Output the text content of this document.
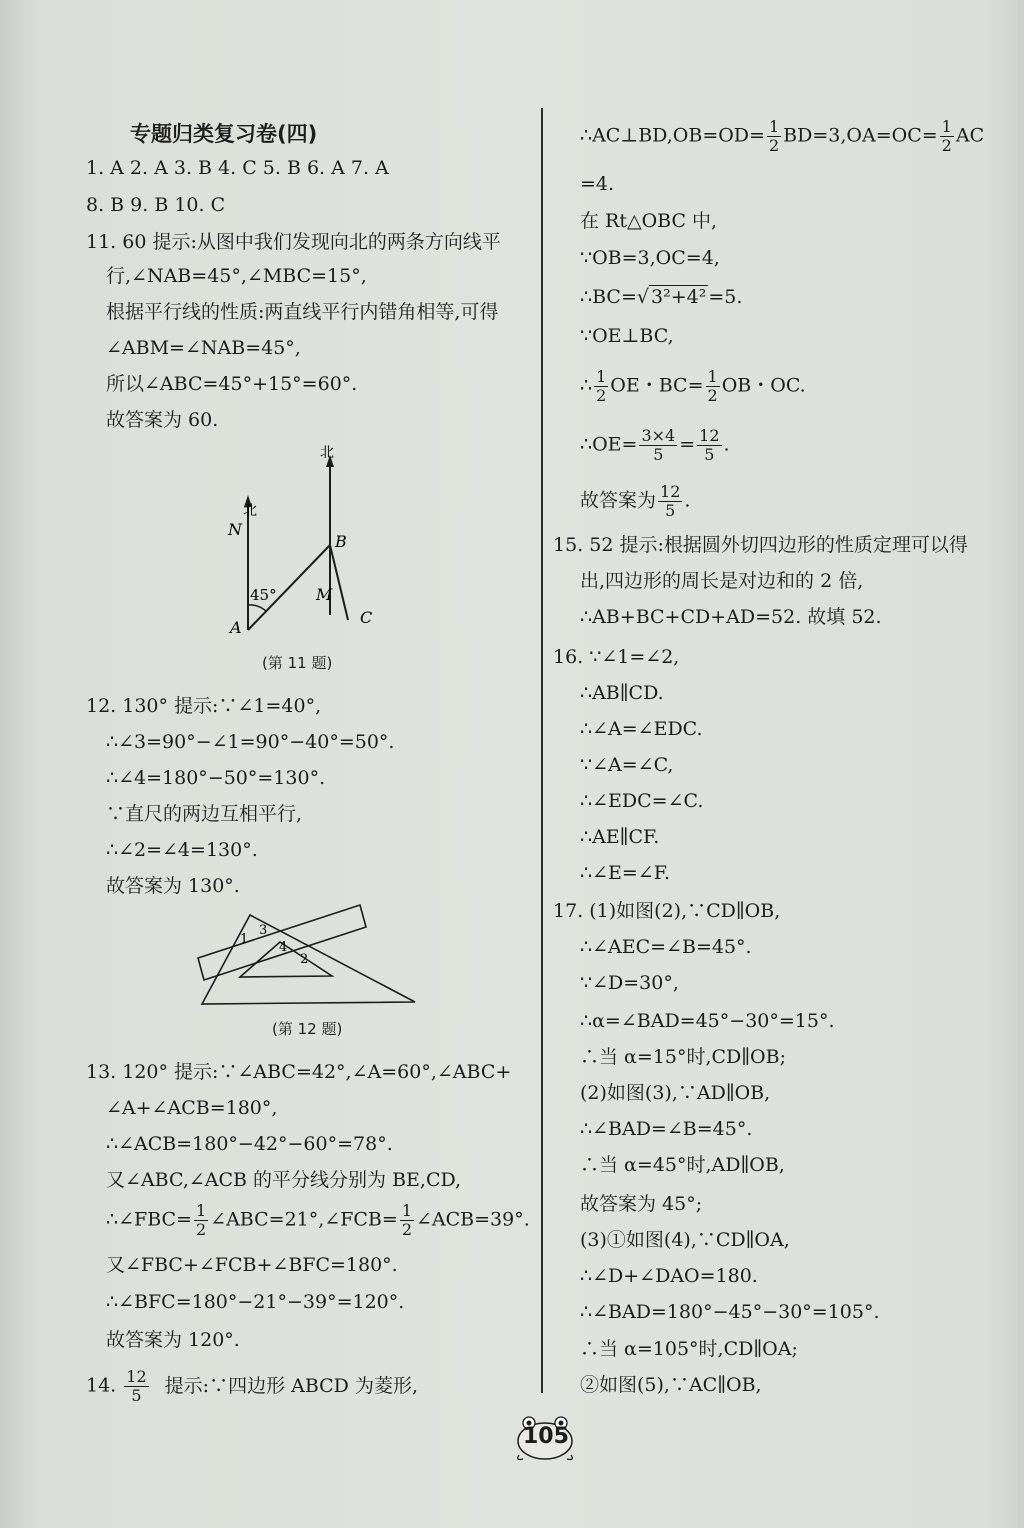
专题归类复习卷(四)
1. A 2. A 3. B 4. C 5. B 6. A 7. A
8. B 9. B 10. C
11. 60 提示:从图中我们发现向北的两条方向线平
行,∠NAB=45°,∠MBC=15°,
根据平行线的性质:两直线平行内错角相等,可得
∠ABM=∠NAB=45°,
所以∠ABC=45°+15°=60°.
故答案为 60.
北
北
N
B
A
M
C
45°
(第 11 题)
12. 130° 提示:∵∠1=40°,
∴∠3=90°−∠1=90°−40°=50°.
∴∠4=180°−50°=130°.
∵直尺的两边互相平行,
∴∠2=∠4=130°.
故答案为 130°.
1
2
3
4
(第 12 题)
13. 120° 提示:∵∠ABC=42°,∠A=60°,∠ABC+
∠A+∠ACB=180°,
∴∠ACB=180°−42°−60°=78°.
又∠ABC,∠ACB 的平分线分别为 BE,CD,
∴∠FBC= $\frac{1}{2}$ ∠ABC=21°,∠FCB= $\frac{1}{2}$ ∠ACB=39°.
又∠FBC+∠FCB+∠BFC=180°.
∴∠BFC=180°−21°−39°=120°.
故答案为 120°.
14. $\frac{12}{5}$ 提示:∵四边形 ABCD 为菱形,
∴AC⊥BD,OB=OD= $\frac{1}{2} BD=3,OA=OC= \frac{1}{2}$ AC
=4.
在 Rt△OBC 中,
∵OB=3,OC=4,
∴BC=√ 3²+4² =5.
∵OE⊥BC,
∴ $\frac{1}{2}$ OE・$BC= \frac{1}{2}$ OB・OC.
∴OE= $\frac{3\times 4}{5} = \frac{12}{5}$ .
故答案为 $\frac{12}{5}$ .
15. 52 提示:根据圆外切四边形的性质定理可以得
出,四边形的周长是对边和的 2 倍,
∴AB+BC+CD+AD=52. 故填 52.
16. ∵∠1=∠2,
∴AB∥CD.
∴∠A=∠EDC.
∵∠A=∠C,
∴∠EDC=∠C.
∴AE∥CF.
∴∠E=∠F.
17. (1)如图(2),∵CD∥OB,
∴∠AEC=∠B=45°.
∵∠D=30°,
∴α=∠BAD=45°−30°=15°.
∴当 α=15°时,CD∥OB;
(2)如图(3),∵AD∥OB,
∴∠BAD=∠B=45°.
∴当 α=45°时,AD∥OB,
故答案为 45°;
(3)①如图(4),∵CD∥OA,
∴∠D+∠DAO=180.
∴∠BAD=180°−45°−30°=105°.
∴当 α=105°时,CD∥OA;
②如图(5),∵AC∥OB,
105
